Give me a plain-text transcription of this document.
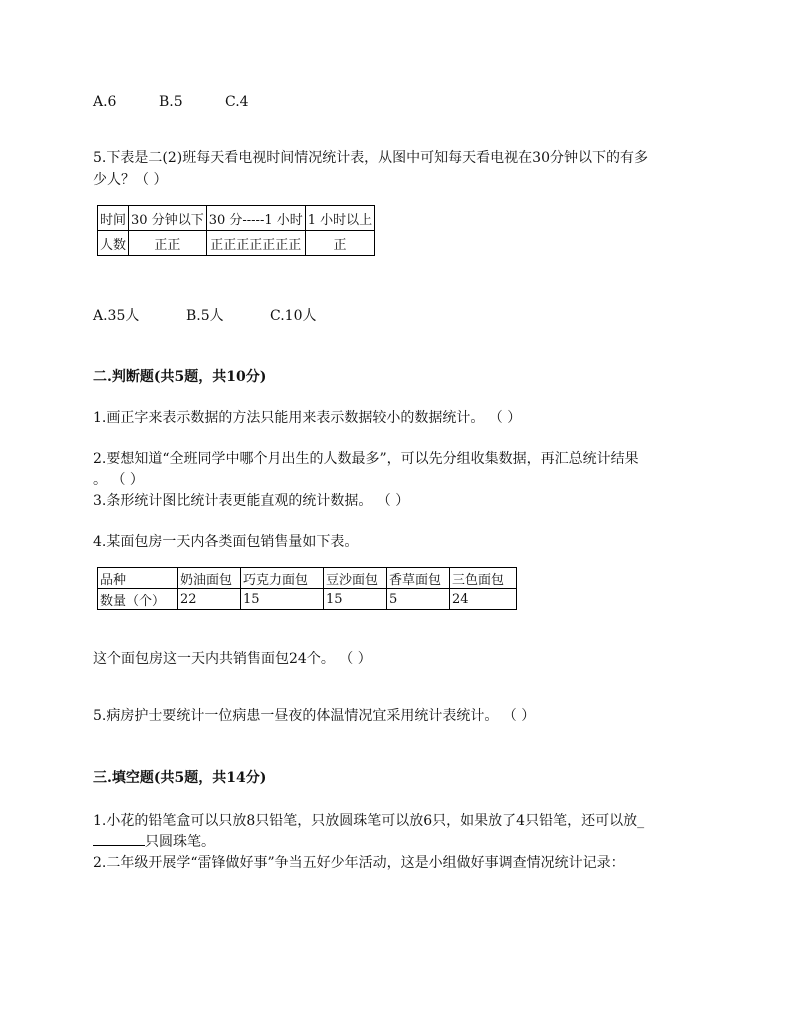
A.6	B.5	C.4
5.下表是二(2)班每天看电视时间情况统计表，从图中可知每天看电视在30分钟以下的有多
少人？（ ）
时间	30 分钟以下	30 分-----1 小时	1 小时以上
人数	正正	正正正正正正正	正
A.35人	B.5人	C.10人
二.判断题(共5题，共10分)
1.画正字来表示数据的方法只能用来表示数据较小的数据统计。 （ ）
2.要想知道“全班同学中哪个月出生的人数最多”，可以先分组收集数据，再汇总统计结果
。 （ ）
3.条形统计图比统计表更能直观的统计数据。 （ ）
4.某面包房一天内各类面包销售量如下表。
品种	奶油面包	巧克力面包	豆沙面包	香草面包	三色面包
数量（个）	22	15	15	5	24
这个面包房这一天内共销售面包24个。 （ ）
5.病房护士要统计一位病患一昼夜的体温情况宜采用统计表统计。 （ ）
三.填空题(共5题，共14分)
1.小花的铅笔盒可以只放8只铅笔，只放圆珠笔可以放6只，如果放了4只铅笔，还可以放_
只圆珠笔。
2.二年级开展学“雷锋做好事”争当五好少年活动，这是小组做好事调查情况统计记录：
